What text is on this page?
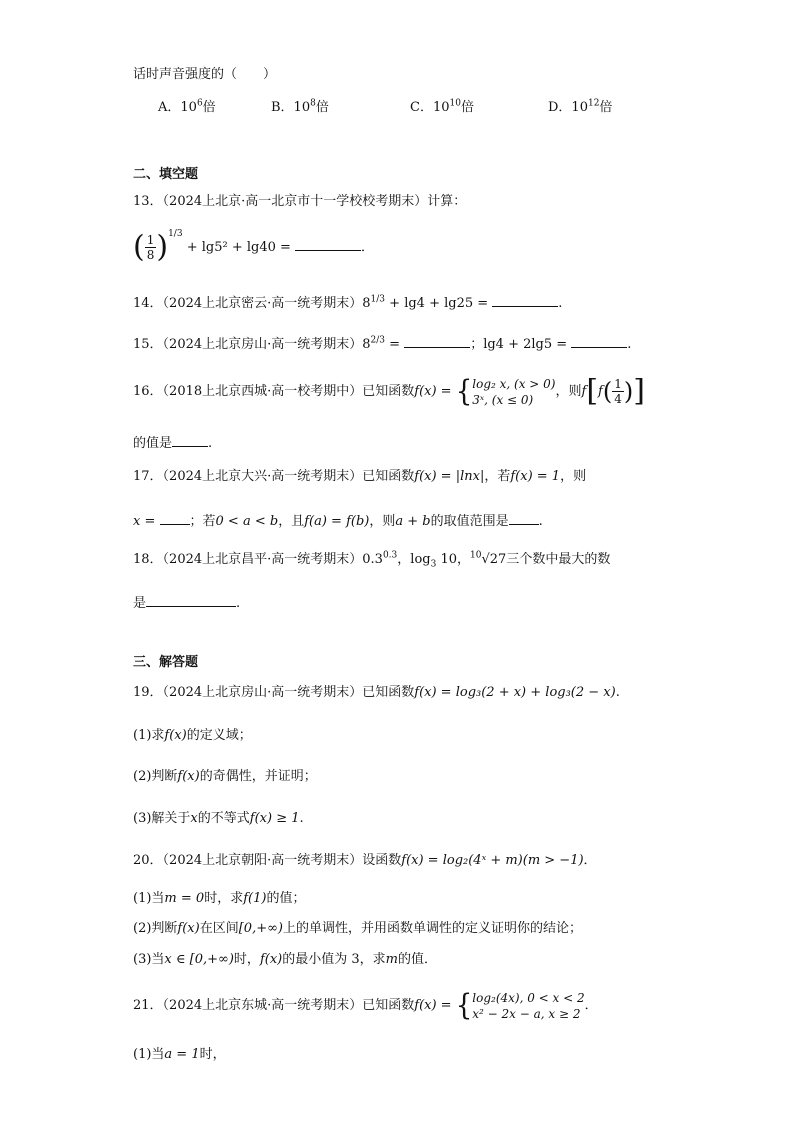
话时声音强度的（　　）
A．$10^6$倍	B．$10^8$倍	C．$10^{10}$倍	D．$10^{12}$倍
二、填空题
13．（2024上北京·高一北京市十一学校校考期末）计算：
( $\frac{1}{8} )^{1/3} + \lg 5^2 + \lg 40$ =	．
14．（2024上北京密云·高一统考期末）$8^{1/3} + \lg 4 + \lg 25$ =	.
15．（2024上北京房山·高一统考期末）$8^{2/3}$ =	；lg4 + 2lg5 =	.
16．（2018上北京西城·高一校考期中）已知函数f(x) = { log₂ x, (x > 0)
3ˣ, (x ≤ 0)
，则$f[f( \frac{1}{4}$ )]
的值是	.
17．（2024上北京大兴·高一统考期末）已知函数f(x) = |lnx|，若f(x) = 1，则
x = ；若0 < a < b，且f(a) = f(b)，则a + b的取值范围是 .
18．（2024上北京昌平·高一统考期末）$0.3^{0.3}$，$\log_3 10$，$^{10}$√27三个数中最大的数
是	.
三、解答题
19．（2024上北京房山·高一统考期末）已知函数f(x) = log₃(2 + x) + log₃(2 − x).
(1)求f(x)的定义域；
(2)判断f(x)的奇偶性，并证明；
(3)解关于x的不等式f(x) ≥ 1.
20．（2024上北京朝阳·高一统考期末）设函数f(x) = log₂(4ˣ + m)(m > −1)．
(1)当m = 0时，求f(1)的值；
(2)判断f(x)在区间[0,+∞)上的单调性，并用函数单调性的定义证明你的结论；
(3)当x ∈ [0,+∞)时，f(x)的最小值为 3，求m的值．
21．（2024上北京东城·高一统考期末）已知函数f(x) = { log₂(4x), 0 < x < 2
x² − 2x − a, x ≥ 2
．
(1)当a = 1时，
